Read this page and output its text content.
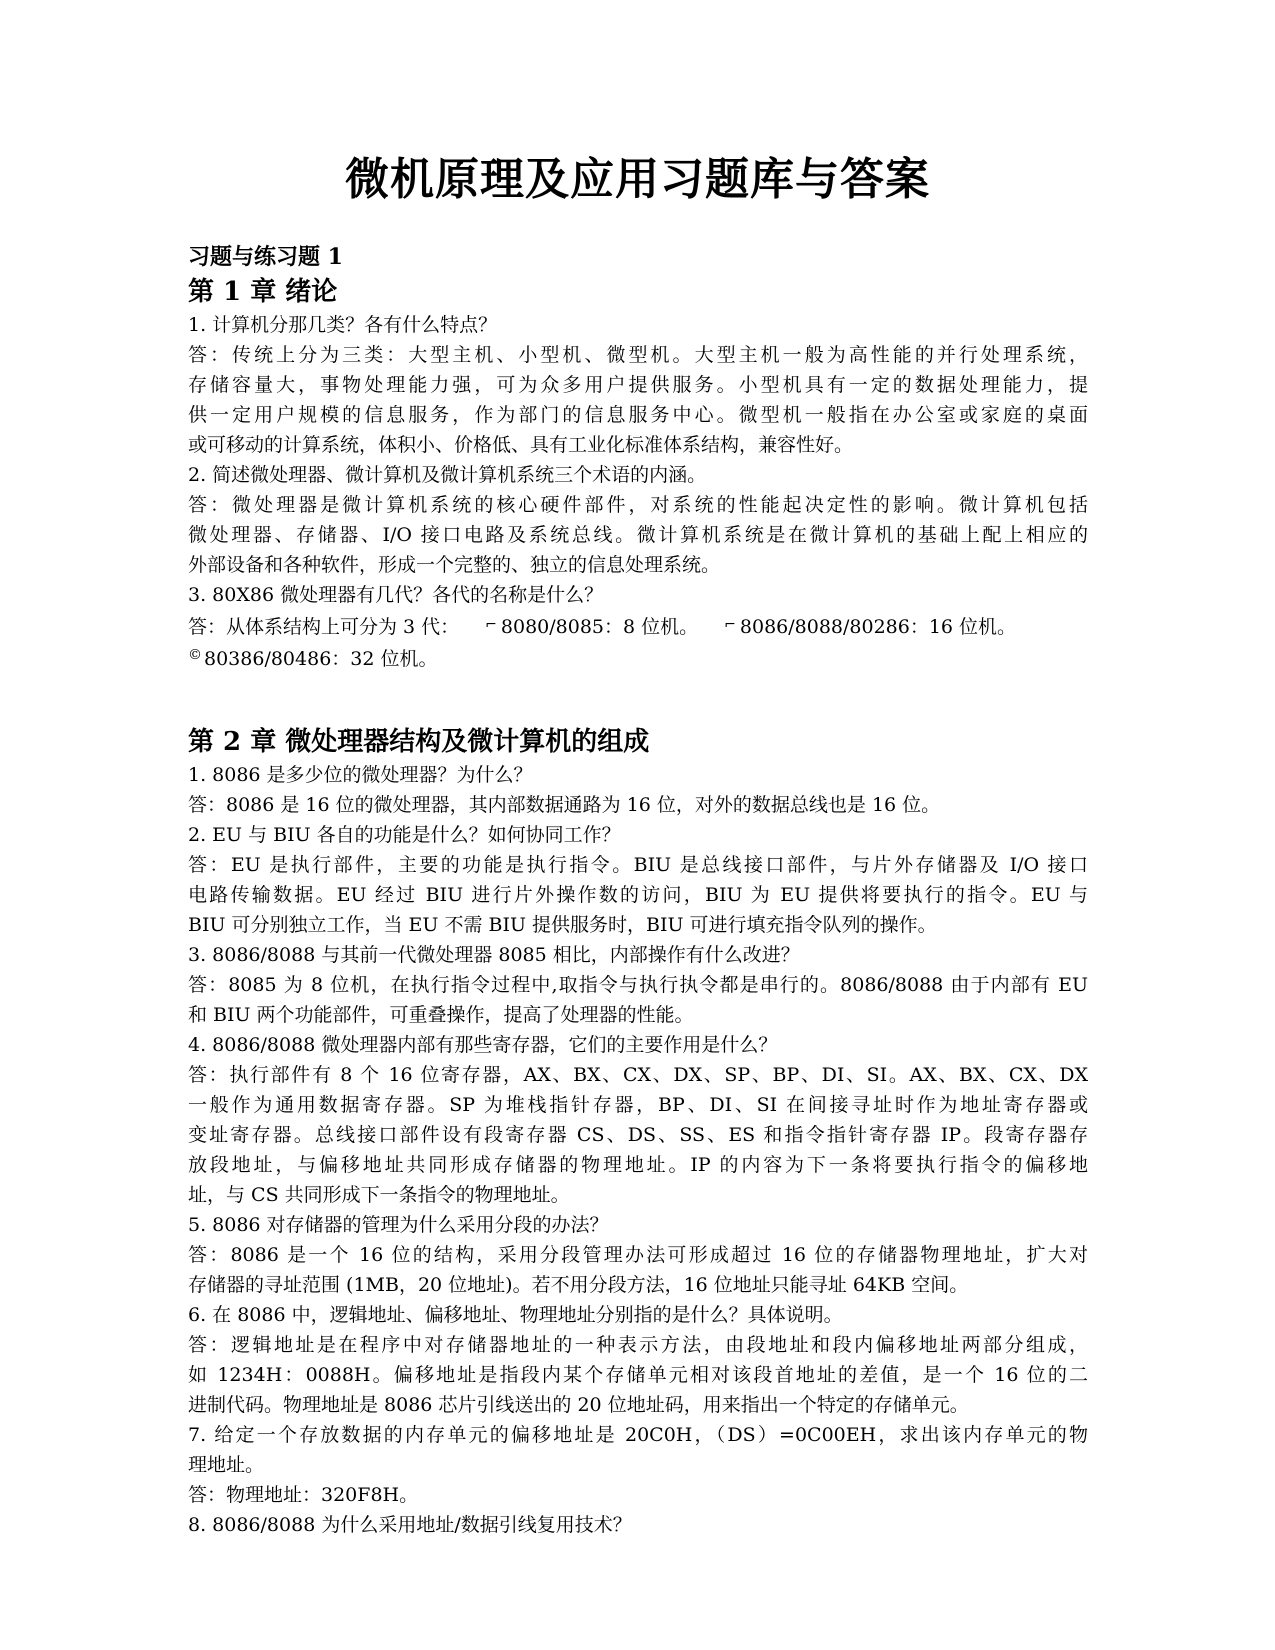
微机原理及应用习题库与答案
习题与练习题 1
第 1 章 绪论
1. 计算机分那几类？各有什么特点？
答：传统上分为三类：大型主机、小型机、微型机。大型主机一般为高性能的并行处理系统，
存储容量大，事物处理能力强，可为众多用户提供服务。小型机具有一定的数据处理能力，提
供一定用户规模的信息服务，作为部门的信息服务中心。微型机一般指在办公室或家庭的桌面
或可移动的计算系统，体积小、价格低、具有工业化标准体系结构，兼容性好。
2. 简述微处理器、微计算机及微计算机系统三个术语的内涵。
答：微处理器是微计算机系统的核心硬件部件，对系统的性能起决定性的影响。微计算机包括
微处理器、存储器、I/O 接口电路及系统总线。微计算机系统是在微计算机的基础上配上相应的
外部设备和各种软件，形成一个完整的、独立的信息处理系统。
3. 80X86 微处理器有几代？各代的名称是什么？
答：从体系结构上可分为 3 代： ⌐ 8080/8085：8 位机。 ⌐ 8086/8088/80286：16 位机。
© 80386/80486：32 位机。
第 2 章 微处理器结构及微计算机的组成
1. 8086 是多少位的微处理器？为什么？
答：8086 是 16 位的微处理器，其内部数据通路为 16 位，对外的数据总线也是 16 位。
2. EU 与 BIU 各自的功能是什么？如何协同工作？
答：EU 是执行部件，主要的功能是执行指令。BIU 是总线接口部件，与片外存储器及 I/O 接口
电路传输数据。EU 经过 BIU 进行片外操作数的访问，BIU 为 EU 提供将要执行的指令。EU 与
BIU 可分别独立工作，当 EU 不需 BIU 提供服务时，BIU 可进行填充指令队列的操作。
3. 8086/8088 与其前一代微处理器 8085 相比，内部操作有什么改进？
答：8085 为 8 位机，在执行指令过程中,取指令与执行执令都是串行的。8086/8088 由于内部有 EU
和 BIU 两个功能部件，可重叠操作，提高了处理器的性能。
4. 8086/8088 微处理器内部有那些寄存器，它们的主要作用是什么？
答：执行部件有 8 个 16 位寄存器，AX、BX、CX、DX、SP、BP、DI、SI。AX、BX、CX、DX
一般作为通用数据寄存器。SP 为堆栈指针存器，BP、DI、SI 在间接寻址时作为地址寄存器或
变址寄存器。总线接口部件设有段寄存器 CS、DS、SS、ES 和指令指针寄存器 IP。段寄存器存
放段地址，与偏移地址共同形成存储器的物理地址。IP 的内容为下一条将要执行指令的偏移地
址，与 CS 共同形成下一条指令的物理地址。
5. 8086 对存储器的管理为什么采用分段的办法？
答：8086 是一个 16 位的结构，采用分段管理办法可形成超过 16 位的存储器物理地址，扩大对
存储器的寻址范围 (1MB，20 位地址)。若不用分段方法，16 位地址只能寻址 64KB 空间。
6. 在 8086 中，逻辑地址、偏移地址、物理地址分别指的是什么？具体说明。
答：逻辑地址是在程序中对存储器地址的一种表示方法，由段地址和段内偏移地址两部分组成，
如 1234H：0088H。偏移地址是指段内某个存储单元相对该段首地址的差值，是一个 16 位的二
进制代码。物理地址是 8086 芯片引线送出的 20 位地址码，用来指出一个特定的存储单元。
7. 给定一个存放数据的内存单元的偏移地址是 20C0H，（DS）=0C00EH，求出该内存单元的物
理地址。
答：物理地址：320F8H。
8. 8086/8088 为什么采用地址/数据引线复用技术？
